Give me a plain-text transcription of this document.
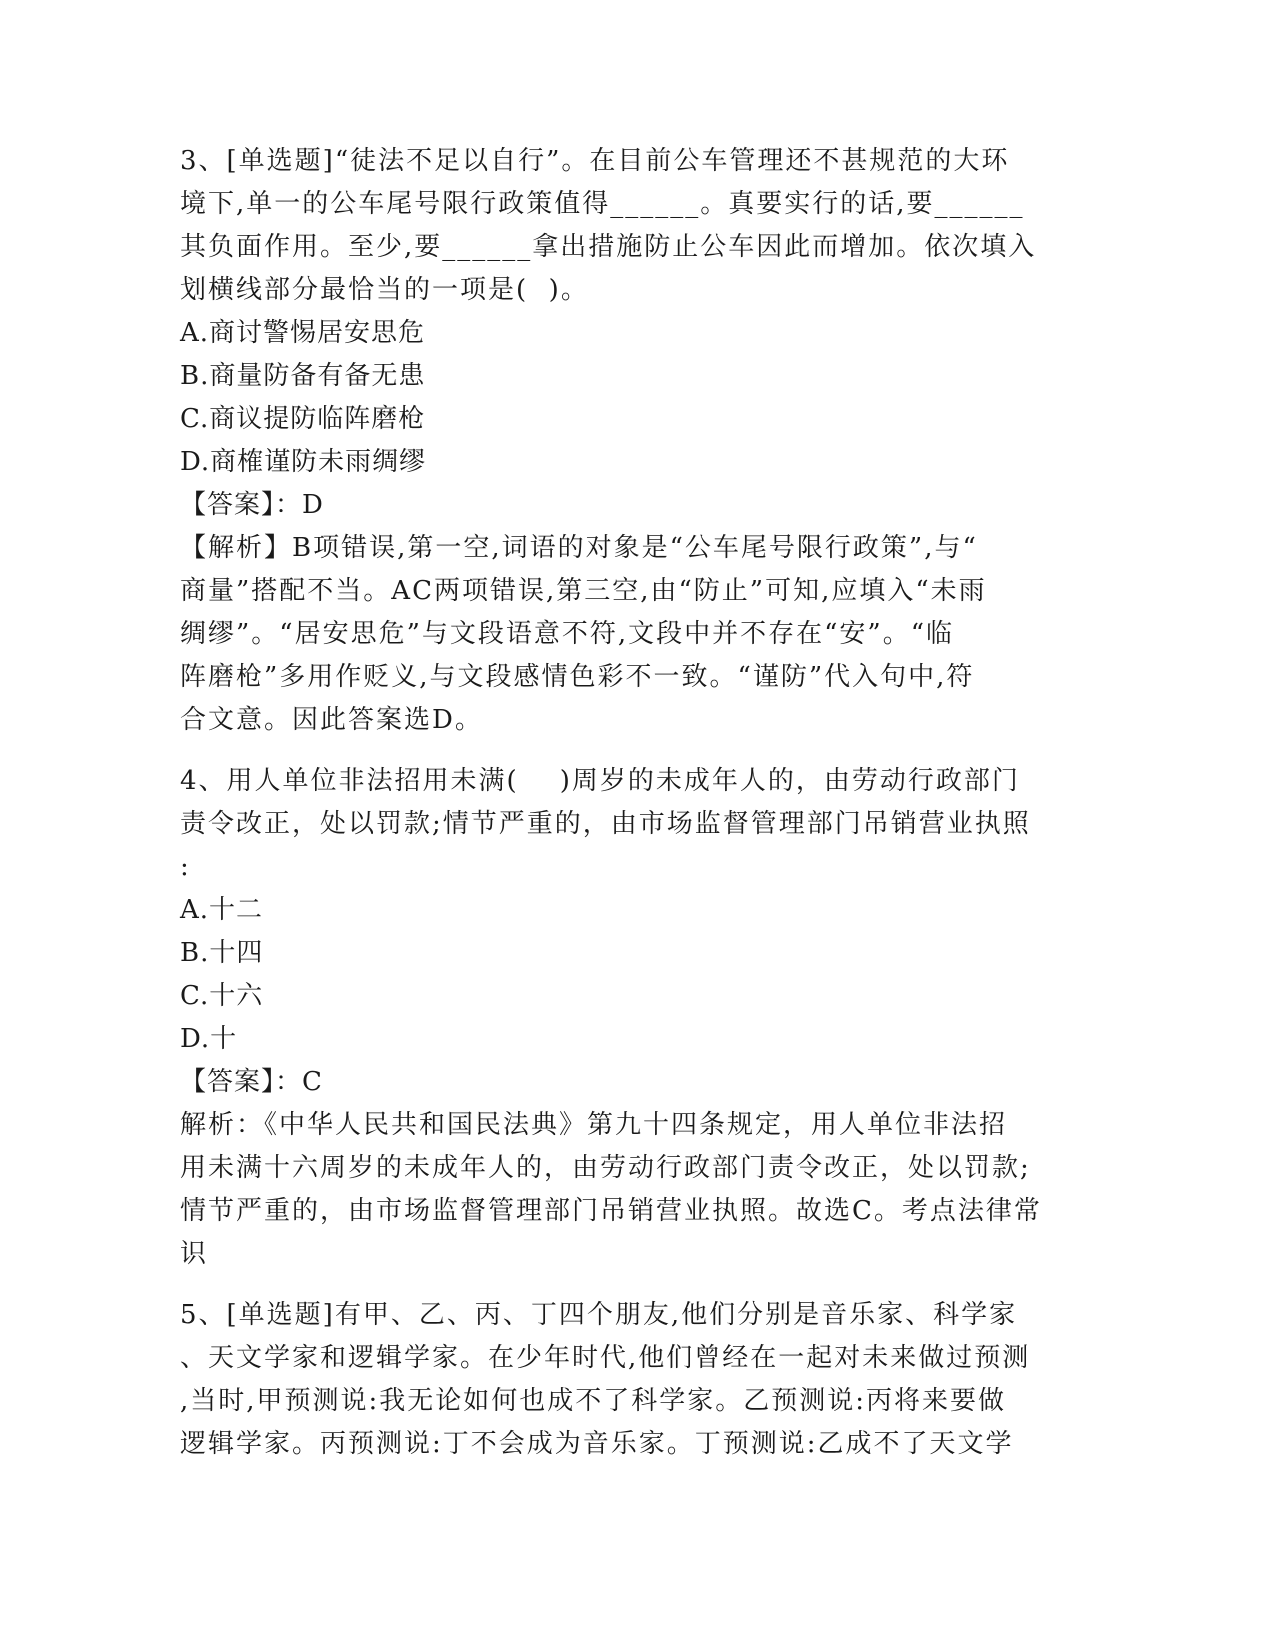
3、[单选题]“徒法不足以自行”。在目前公车管理还不甚规范的大环
境下,单一的公车尾号限行政策值得______。真要实行的话,要______
其负面作用。至少,要______拿出措施防止公车因此而增加。依次填入
划横线部分最恰当的一项是(  )。
A.商讨警惕居安思危
B.商量防备有备无患
C.商议提防临阵磨枪
D.商榷谨防未雨绸缪
【答案】：D
【解析】B项错误,第一空,词语的对象是“公车尾号限行政策”,与“
商量”搭配不当。AC两项错误,第三空,由“防止”可知,应填入“未雨
绸缪”。“居安思危”与文段语意不符,文段中并不存在“安”。“临
阵磨枪”多用作贬义,与文段感情色彩不一致。“谨防”代入句中,符
合文意。因此答案选D。
4、用人单位非法招用未满(    )周岁的未成年人的，由劳动行政部门
责令改正，处以罚款;情节严重的，由市场监督管理部门吊销营业执照
:
A.十二
B.十四
C.十六
D.十
【答案】：C
解析：《中华人民共和国民法典》第九十四条规定，用人单位非法招
用未满十六周岁的未成年人的，由劳动行政部门责令改正，处以罚款;
情节严重的，由市场监督管理部门吊销营业执照。故选C。考点法律常
识
5、[单选题]有甲、乙、丙、丁四个朋友,他们分别是音乐家、科学家
、天文学家和逻辑学家。在少年时代,他们曾经在一起对未来做过预测
,当时,甲预测说:我无论如何也成不了科学家。乙预测说:丙将来要做
逻辑学家。丙预测说:丁不会成为音乐家。丁预测说:乙成不了天文学
